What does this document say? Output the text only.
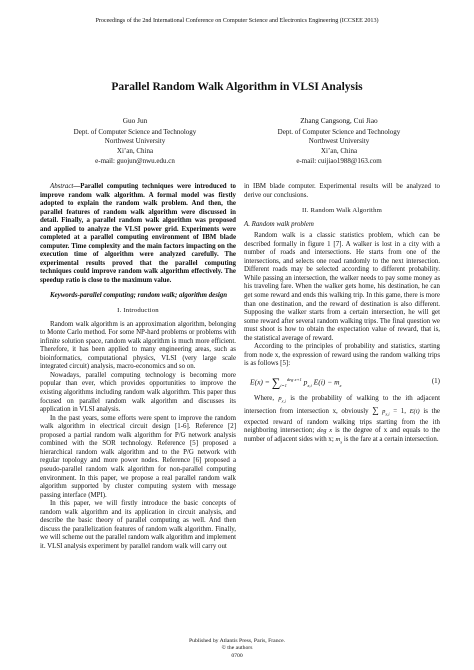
Proceedings of the 2nd International Conference on Computer Science and Electronics Engineering (ICCSEE 2013)
Parallel Random Walk Algorithm in VLSI Analysis
Guo Jun
Dept. of Computer Science and Technology
Northwest University
Xi’an, China
e-mail: guojun@nwu.edu.cn
Zhang Cangsong, Cui Jiao
Dept. of Computer Science and Technology
Northwest University
Xi’an, China
e-mail: cuijiao1988@163.com

Abstract—Parallel computing techniques were introduced to improve random walk algorithm. A formal model was firstly adopted to explain the random walk problem. And then, the parallel features of random walk algorithm were discussed in detail. Finally, a parallel random walk algorithm was proposed and applied to analyze the VLSI power grid. Experiments were completed at a parallel computing environment of IBM blade computer. Time complexity and the main factors impacting on the execution time of algorithm were analyzed carefully. The experimental results proved that the parallel computing techniques could improve random walk algorithm effectively. The speedup ratio is close to the maximum value.

Keywords-parallel computing; random walk; algorithm design

I. Introduction

Random walk algorithm is an approximation algorithm, belonging to Monte Carlo method. For some NP-hard problems or problems with infinite solution space, random walk algorithm is much more efficient. Therefore, it has been applied to many engineering areas, such as bioinformatics, computational physics, VLSI (very large scale integrated circuit) analysis, macro-economics and so on.

Nowadays, parallel computing technology is becoming more popular than ever, which provides opportunities to improve the existing algorithms including random walk algorithm. This paper thus focused on parallel random walk algorithm and discusses its application in VLSI analysis.

In the past years, some efforts were spent to improve the random walk algorithm in electrical circuit design [1-6]. Reference [2] proposed a partial random walk algorithm for P/G network analysis combined with the SOR technology. Reference [5] proposed a hierarchical random walk algorithm and to the P/G network with regular topology and more power nodes. Reference [6] proposed a pseudo-parallel random walk algorithm for non-parallel computing environment. In this paper, we propose a real parallel random walk algorithm supported by cluster computing system with message passing interface (MPI).

In this paper, we will firstly introduce the basic concepts of random walk algorithm and its application in circuit analysis, and describe the basic theory of parallel computing as well. And then discuss the parallelization features of random walk algorithm. Finally, we will scheme out the parallel random walk algorithm and implement it. VLSI analysis experiment by parallel random walk will carry out

in IBM blade computer. Experimental results will be analyzed to derive our conclusions.

II. Random Walk Algorithm

A. Random walk problem

Random walk is a classic statistics problem, which can be described formally in figure 1 [7]. A walker is lost in a city with a number of roads and intersections. He starts from one of the intersections, and selects one road randomly to the next intersection. Different roads may be selected according to different probability. While passing an intersection, the walker needs to pay some money as his traveling fare. When the walker gets home, his destination, he can get some reward and ends this walking trip. In this game, there is more than one destination, and the reward of destination is also different. Supposing the walker starts from a certain intersection, he will get some reward after several random walking trips. The final question we must shoot is how to obtain the expectation value of reward, that is, the statistical average of reward.

According to the principles of probability and statistics, starting from node x, the expression of reward using the random walking trips is as follows [5]:

$E(x) = \sum_{i=1}^{deg x+1}$ $p_{x,i}$ $E(i) - m_x$
(1)

Where, $p_{x,i}$ is the probability of walking to the ith adjacent intersection from intersection x, obviously ∑ $p_{x,i} = 1$, E(i) is the expected reward of random walking trips starting from the ith neighboring intersection; deg x is the degree of x and equals to the number of adjacent sides with x; $m_x$ is the fare at a certain intersection.

Published by Atlantis Press, Paris, France.
© the authors
0700
